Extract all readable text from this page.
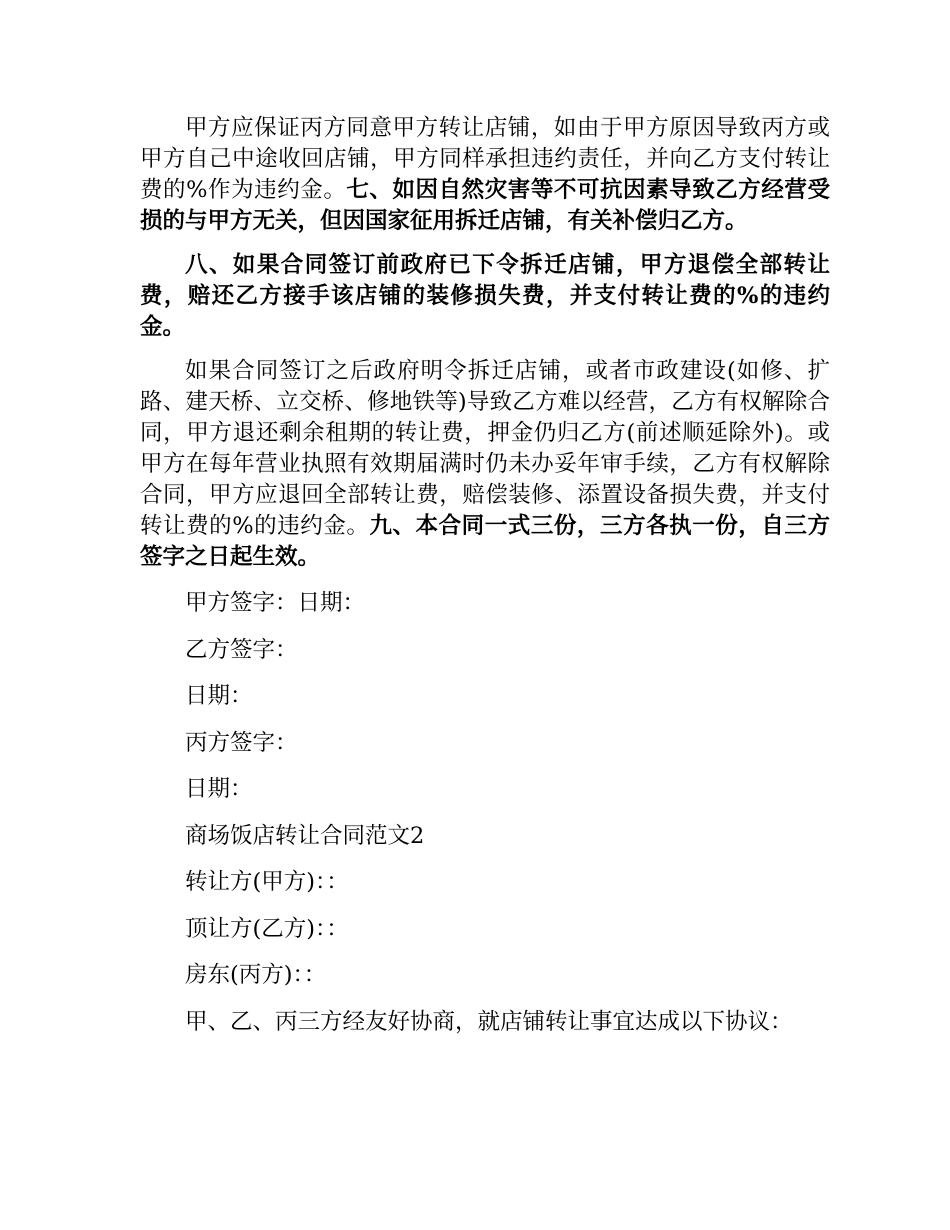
甲方应保证丙方同意甲方转让店铺，如由于甲方原因导致丙方或甲方自己中途收回店铺，甲方同样承担违约责任，并向乙方支付转让费的%作为违约金。七、如因自然灾害等不可抗因素导致乙方经营受损的与甲方无关，但因国家征用拆迁店铺，有关补偿归乙方。

八、如果合同签订前政府已下令拆迁店铺，甲方退偿全部转让费，赔还乙方接手该店铺的装修损失费，并支付转让费的%的违约金。

如果合同签订之后政府明令拆迁店铺，或者市政建设(如修、扩路、建天桥、立交桥、修地铁等)导致乙方难以经营，乙方有权解除合同，甲方退还剩余租期的转让费，押金仍归乙方(前述顺延除外)。或甲方在每年营业执照有效期届满时仍未办妥年审手续，乙方有权解除合同，甲方应退回全部转让费，赔偿装修、添置设备损失费，并支付转让费的%的违约金。九、本合同一式三份，三方各执一份，自三方签字之日起生效。

甲方签字：日期：

乙方签字：

日期：

丙方签字：

日期：

商场饭店转让合同范文2

转让方(甲方)：：

顶让方(乙方)：：

房东(丙方)：：

甲、乙、丙三方经友好协商，就店铺转让事宜达成以下协议：
